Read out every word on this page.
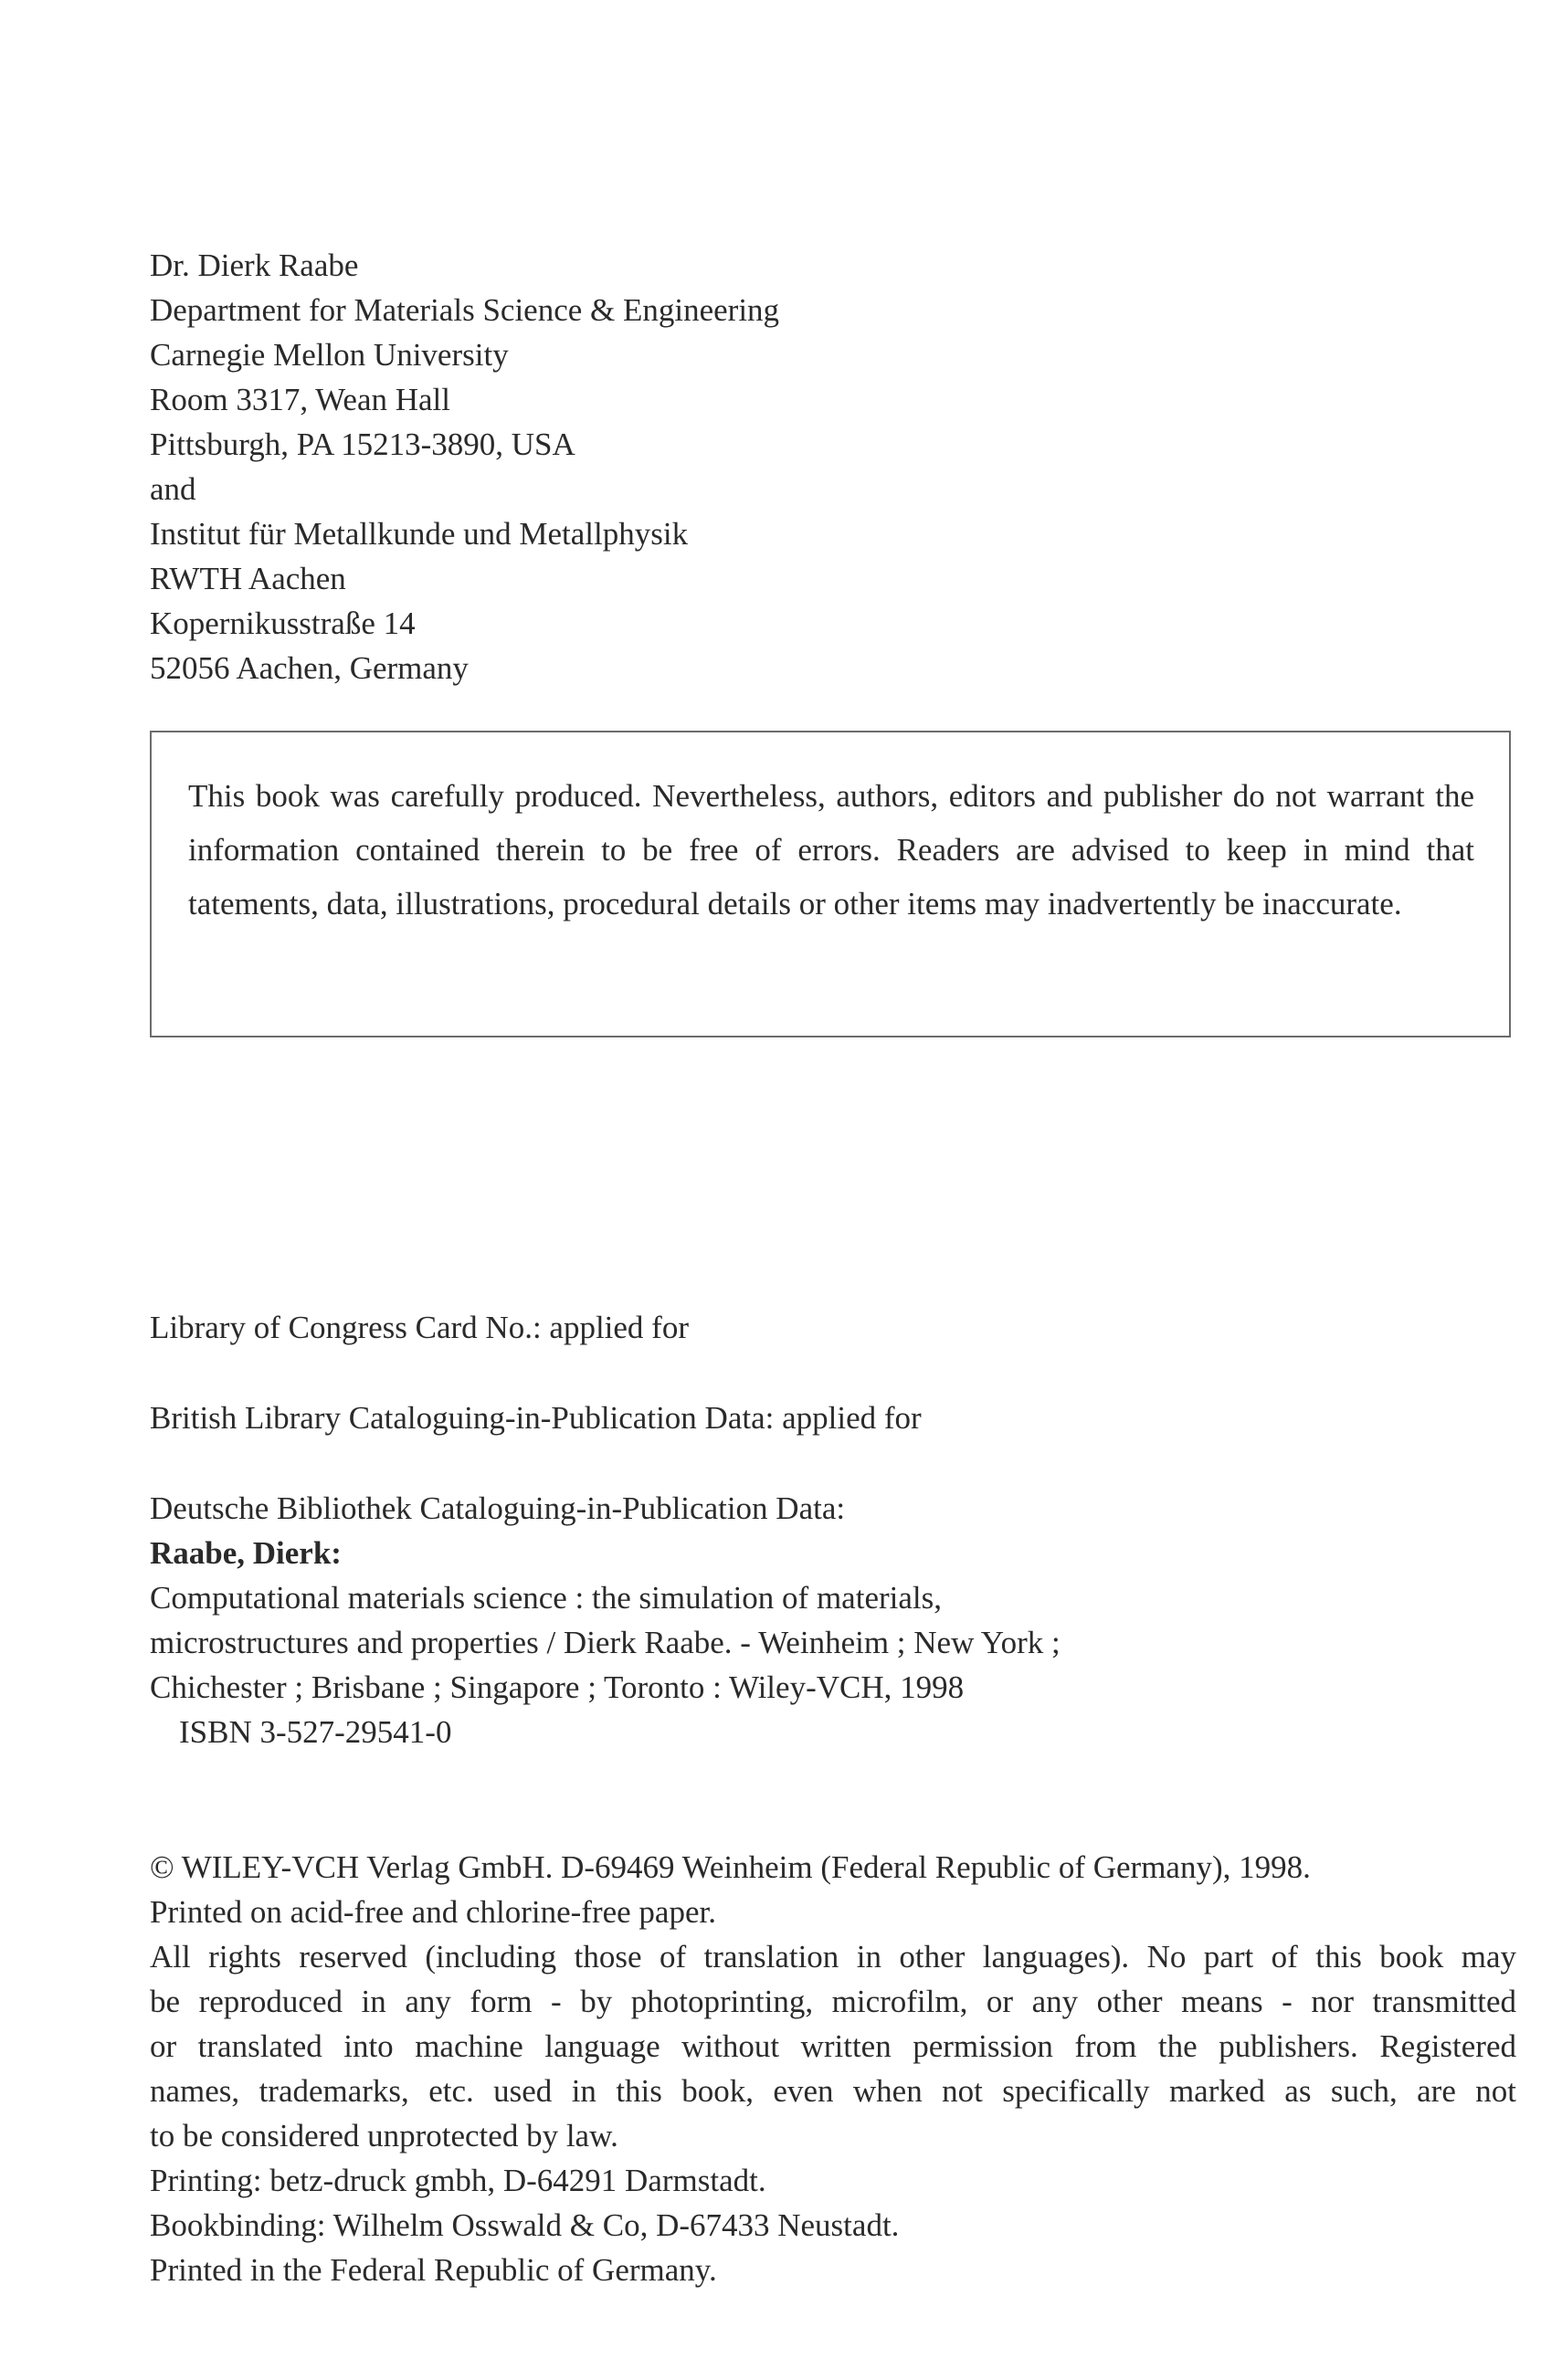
Dr. Dierk Raabe
Department for Materials Science & Engineering
Carnegie Mellon University
Room 3317, Wean Hall
Pittsburgh, PA 15213-3890, USA
and
Institut für Metallkunde und Metallphysik
RWTH Aachen
Kopernikusstraße 14
52056 Aachen, Germany
This book was carefully produced. Nevertheless, authors, editors and publisher do not warrant the information contained therein to be free of errors. Readers are advised to keep in mind that tatements, data, illustrations, procedural details or other items may inadvertently be inaccurate.
Library of Congress Card No.: applied for
British Library Cataloguing-in-Publication Data: applied for
Deutsche Bibliothek Cataloguing-in-Publication Data:
Raabe, Dierk:
Computational materials science : the simulation of materials,
microstructures and properties / Dierk Raabe. - Weinheim ; New York ;
Chichester ; Brisbane ; Singapore ; Toronto : Wiley-VCH, 1998
ISBN 3-527-29541-0
© WILEY-VCH Verlag GmbH. D-69469 Weinheim (Federal Republic of Germany), 1998.
Printed on acid-free and chlorine-free paper.
All rights reserved (including those of translation in other languages). No part of this book may
be reproduced in any form - by photoprinting, microfilm, or any other means - nor transmitted
or translated into machine language without written permission from the publishers. Registered
names, trademarks, etc. used in this book, even when not specifically marked as such, are not
to be considered unprotected by law.
Printing: betz-druck gmbh, D-64291 Darmstadt.
Bookbinding: Wilhelm Osswald & Co, D-67433 Neustadt.
Printed in the Federal Republic of Germany.
